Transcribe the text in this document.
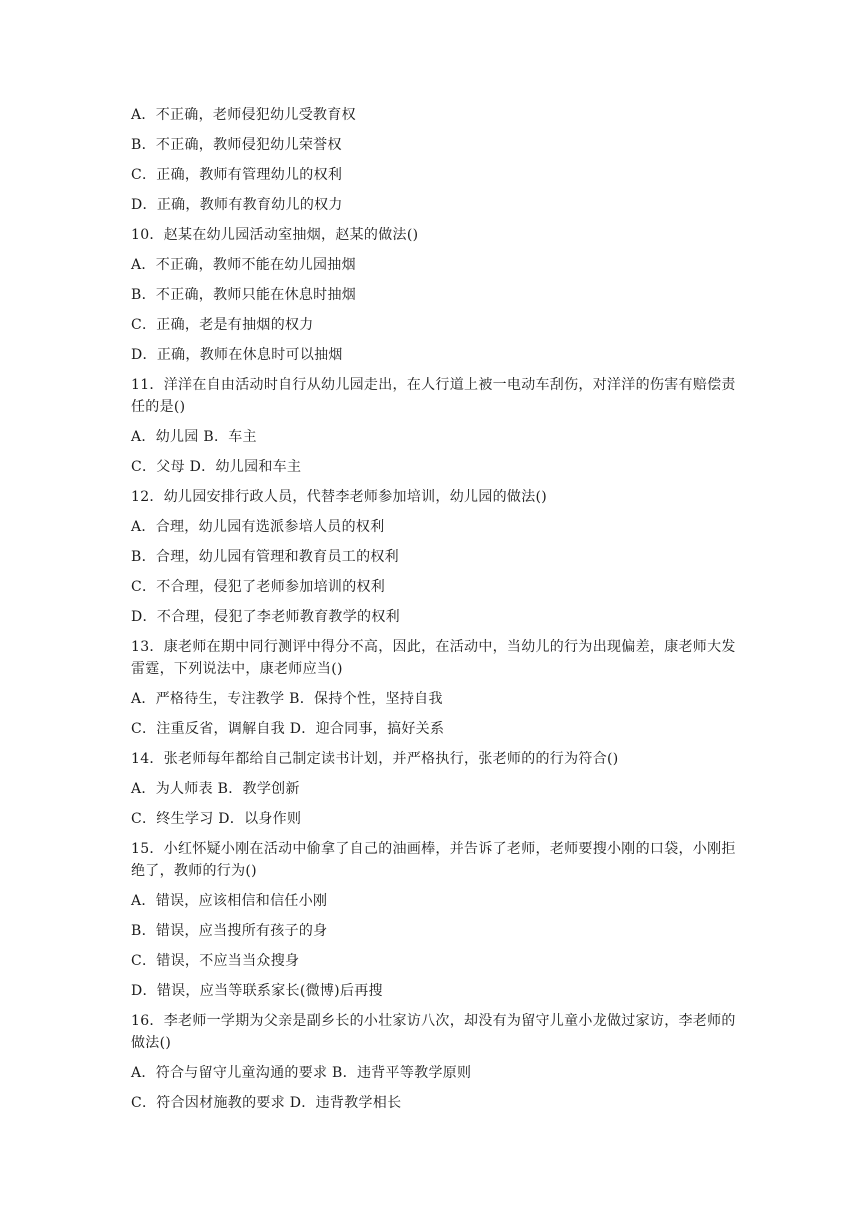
A．不正确，老师侵犯幼儿受教育权
B．不正确，教师侵犯幼儿荣誉权
C．正确，教师有管理幼儿的权利
D．正确，教师有教育幼儿的权力
10．赵某在幼儿园活动室抽烟，赵某的做法()
A．不正确，教师不能在幼儿园抽烟
B．不正确，教师只能在休息时抽烟
C．正确，老是有抽烟的权力
D．正确，教师在休息时可以抽烟
11．洋洋在自由活动时自行从幼儿园走出，在人行道上被一电动车刮伤，对洋洋的伤害有赔偿责任的是()
A．幼儿园 B．车主
C．父母 D．幼儿园和车主
12．幼儿园安排行政人员，代替李老师参加培训，幼儿园的做法()
A．合理，幼儿园有选派参培人员的权利
B．合理，幼儿园有管理和教育员工的权利
C．不合理，侵犯了老师参加培训的权利
D．不合理，侵犯了李老师教育教学的权利
13．康老师在期中同行测评中得分不高，因此，在活动中，当幼儿的行为出现偏差，康老师大发雷霆，下列说法中，康老师应当()
A．严格待生，专注教学 B．保持个性，坚持自我
C．注重反省，调解自我 D．迎合同事，搞好关系
14．张老师每年都给自己制定读书计划，并严格执行，张老师的的行为符合()
A．为人师表 B．教学创新
C．终生学习 D．以身作则
15．小红怀疑小刚在活动中偷拿了自己的油画棒，并告诉了老师，老师要搜小刚的口袋，小刚拒绝了，教师的行为()
A．错误，应该相信和信任小刚
B．错误，应当搜所有孩子的身
C．错误，不应当当众搜身
D．错误，应当等联系家长(微博)后再搜
16．李老师一学期为父亲是副乡长的小壮家访八次，却没有为留守儿童小龙做过家访，李老师的做法()
A．符合与留守儿童沟通的要求 B．违背平等教学原则
C．符合因材施教的要求 D．违背教学相长
